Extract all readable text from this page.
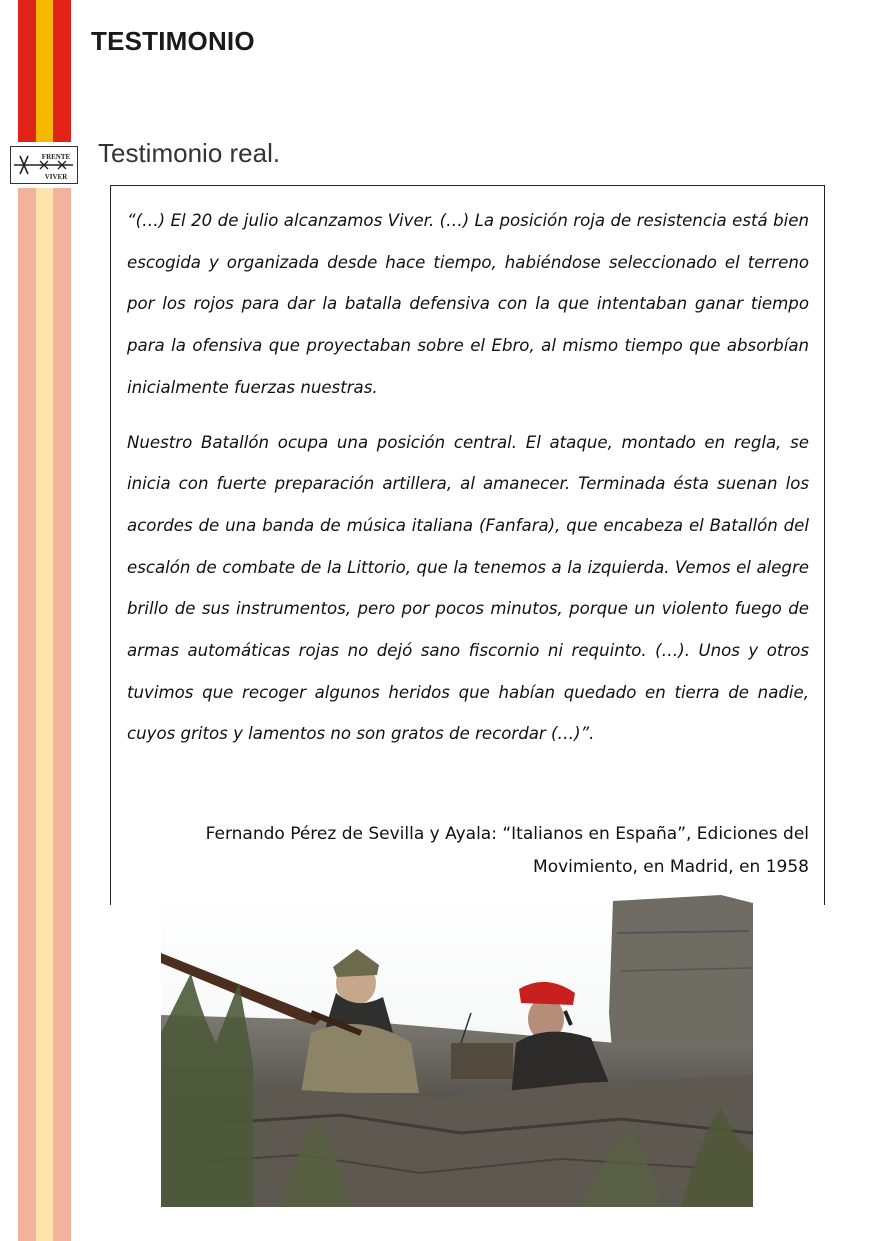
FRENTE
VIVER
TESTIMONIO
Testimonio real.

“(…) El 20 de julio alcanzamos Viver. (…) La posición roja de resistencia está bien escogida y organizada desde hace tiempo, habiéndose seleccionado el terreno por los rojos para dar la batalla defensiva con la que intentaban ganar tiempo para la ofensiva que proyectaban sobre el Ebro, al mismo tiempo que absorbían inicialmente fuerzas nuestras.

Nuestro Batallón ocupa una posición central. El ataque, montado en regla, se inicia con fuerte preparación artillera, al amanecer. Terminada ésta suenan los acordes de una banda de música italiana (Fanfara), que encabeza el Batallón del escalón de combate de la Littorio, que la tenemos a la izquierda. Vemos el alegre brillo de sus instrumentos, pero por pocos minutos, porque un violento fuego de armas automáticas rojas no dejó sano fiscornio ni requinto. (…). Unos y otros tuvimos que recoger algunos heridos que habían quedado en tierra de nadie, cuyos gritos y lamentos no son gratos de recordar (…)”.

Fernando Pérez de Sevilla y Ayala: “Italianos en España”, Ediciones del
Movimiento, en Madrid, en 1958
